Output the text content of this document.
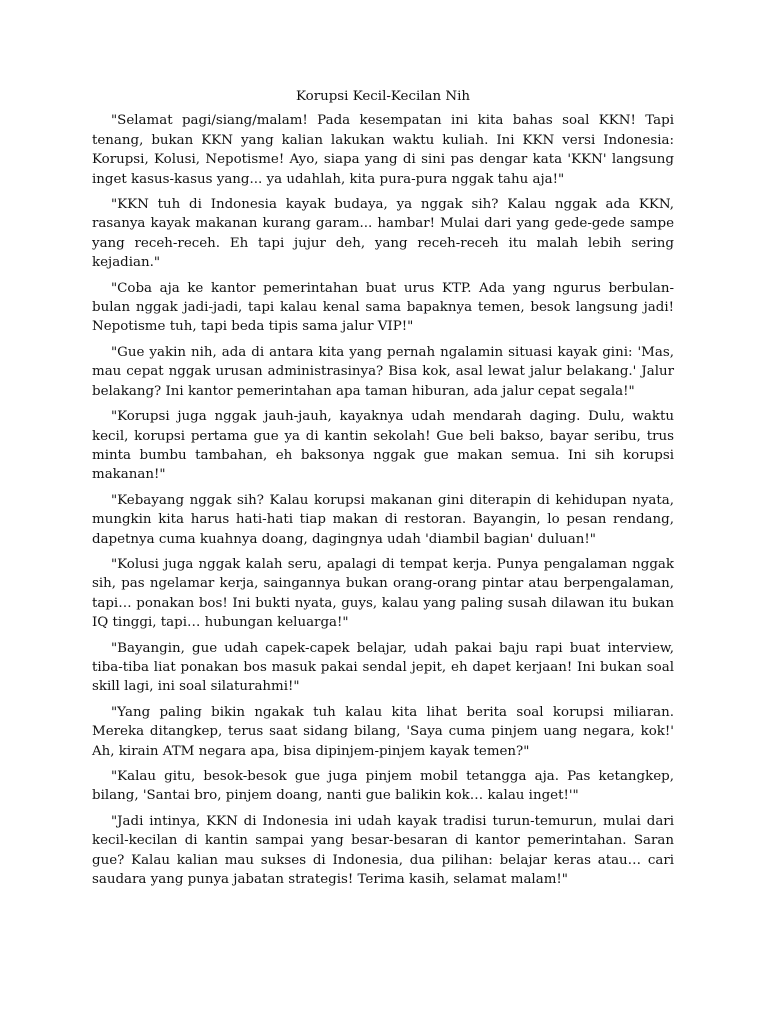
Korupsi Kecil-Kecilan Nih

"Selamat pagi/siang/malam! Pada kesempatan ini kita bahas soal KKN! Tapi tenang, bukan KKN yang kalian lakukan waktu kuliah. Ini KKN versi Indonesia: Korupsi, Kolusi, Nepotisme! Ayo, siapa yang di sini pas dengar kata 'KKN' langsung inget kasus-kasus yang... ya udahlah, kita pura-pura nggak tahu aja!"

"KKN tuh di Indonesia kayak budaya, ya nggak sih? Kalau nggak ada KKN, rasanya kayak makanan kurang garam... hambar! Mulai dari yang gede-gede sampe yang receh-receh. Eh tapi jujur deh, yang receh-receh itu malah lebih sering kejadian."

"Coba aja ke kantor pemerintahan buat urus KTP. Ada yang ngurus berbulan-bulan nggak jadi-jadi, tapi kalau kenal sama bapaknya temen, besok langsung jadi! Nepotisme tuh, tapi beda tipis sama jalur VIP!"

"Gue yakin nih, ada di antara kita yang pernah ngalamin situasi kayak gini: 'Mas, mau cepat nggak urusan administrasinya? Bisa kok, asal lewat jalur belakang.' Jalur belakang? Ini kantor pemerintahan apa taman hiburan, ada jalur cepat segala!"

"Korupsi juga nggak jauh-jauh, kayaknya udah mendarah daging. Dulu, waktu kecil, korupsi pertama gue ya di kantin sekolah! Gue beli bakso, bayar seribu, trus minta bumbu tambahan, eh baksonya nggak gue makan semua. Ini sih korupsi makanan!"

"Kebayang nggak sih? Kalau korupsi makanan gini diterapin di kehidupan nyata, mungkin kita harus hati-hati tiap makan di restoran. Bayangin, lo pesan rendang, dapetnya cuma kuahnya doang, dagingnya udah 'diambil bagian' duluan!"

"Kolusi juga nggak kalah seru, apalagi di tempat kerja. Punya pengalaman nggak sih, pas ngelamar kerja, saingannya bukan orang-orang pintar atau berpengalaman, tapi… ponakan bos! Ini bukti nyata, guys, kalau yang paling susah dilawan itu bukan IQ tinggi, tapi… hubungan keluarga!"

"Bayangin, gue udah capek-capek belajar, udah pakai baju rapi buat interview, tiba-tiba liat ponakan bos masuk pakai sendal jepit, eh dapet kerjaan! Ini bukan soal skill lagi, ini soal silaturahmi!"

"Yang paling bikin ngakak tuh kalau kita lihat berita soal korupsi miliaran. Mereka ditangkep, terus saat sidang bilang, 'Saya cuma pinjem uang negara, kok!' Ah, kirain ATM negara apa, bisa dipinjem-pinjem kayak temen?"

"Kalau gitu, besok-besok gue juga pinjem mobil tetangga aja. Pas ketangkep, bilang, 'Santai bro, pinjem doang, nanti gue balikin kok… kalau inget!'"

"Jadi intinya, KKN di Indonesia ini udah kayak tradisi turun-temurun, mulai dari kecil-kecilan di kantin sampai yang besar-besaran di kantor pemerintahan. Saran gue? Kalau kalian mau sukses di Indonesia, dua pilihan: belajar keras atau… cari saudara yang punya jabatan strategis! Terima kasih, selamat malam!"
